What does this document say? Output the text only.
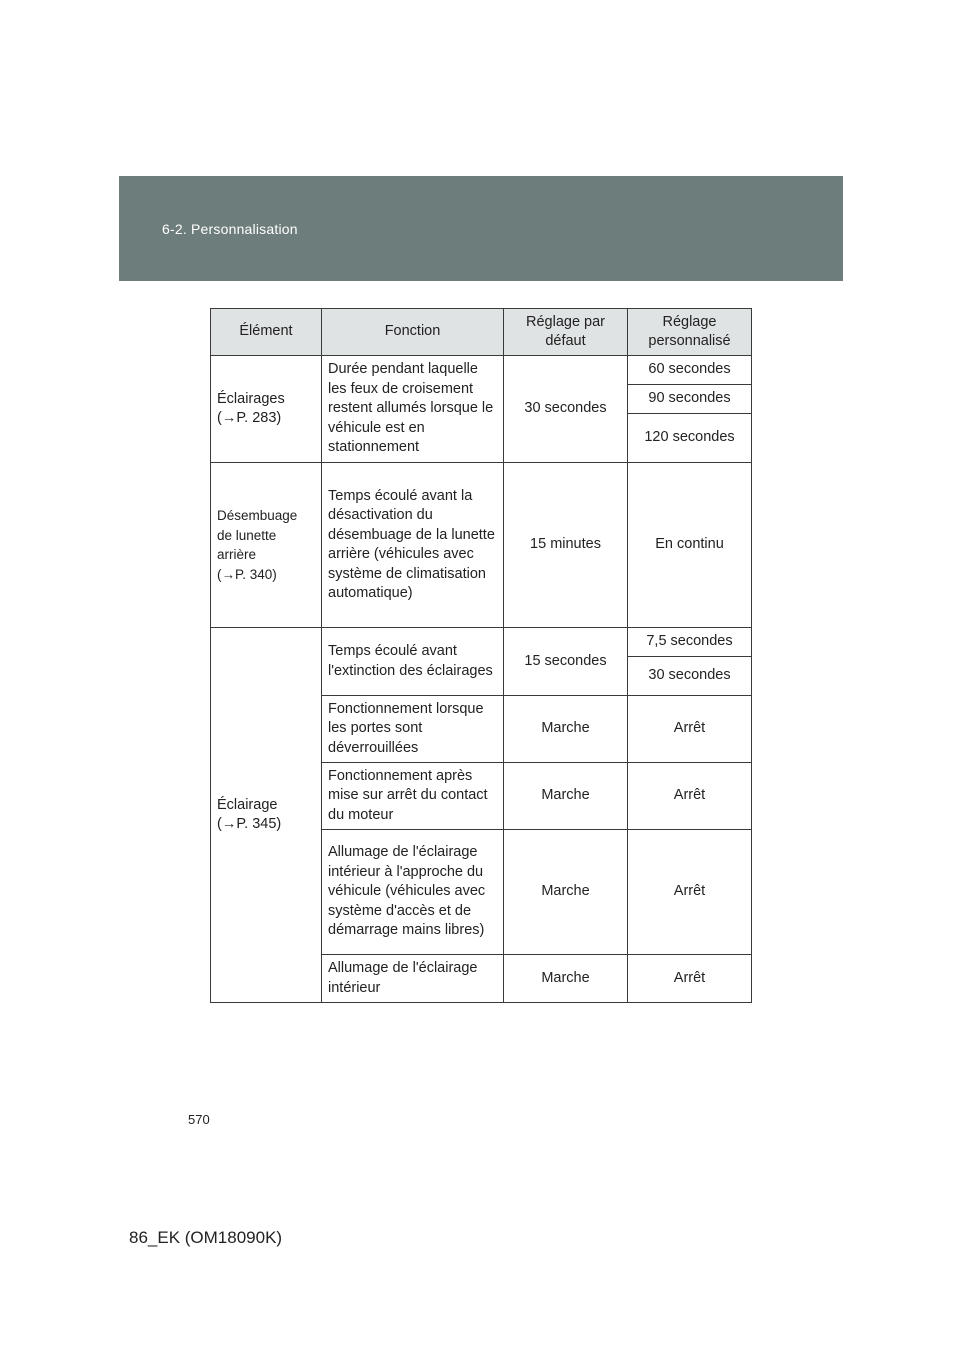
6-2. Personnalisation
Élément	Fonction	Réglage par défaut	Réglage personnalisé
Éclairages
(→P. 283)	Durée pendant laquelle les feux de croisement restent allumés lorsque le véhicule est en stationnement	30 secondes	60 secondes
			90 secondes
			120 secondes
Désembuage de lunette arrière
(→P. 340)	Temps écoulé avant la désactivation du désembuage de la lunette arrière (véhicules avec système de climatisation automatique)	15 minutes	En continu
Éclairage
(→P. 345)	Temps écoulé avant l'extinction des éclairages	15 secondes	7,5 secondes
			30 secondes
	Fonctionnement lorsque les portes sont déverrouillées	Marche	Arrêt
	Fonctionnement après mise sur arrêt du contact du moteur	Marche	Arrêt
	Allumage de l'éclairage intérieur à l'approche du véhicule (véhicules avec système d'accès et de démarrage mains libres)	Marche	Arrêt
	Allumage de l'éclairage intérieur	Marche	Arrêt
570
86_EK (OM18090K)
